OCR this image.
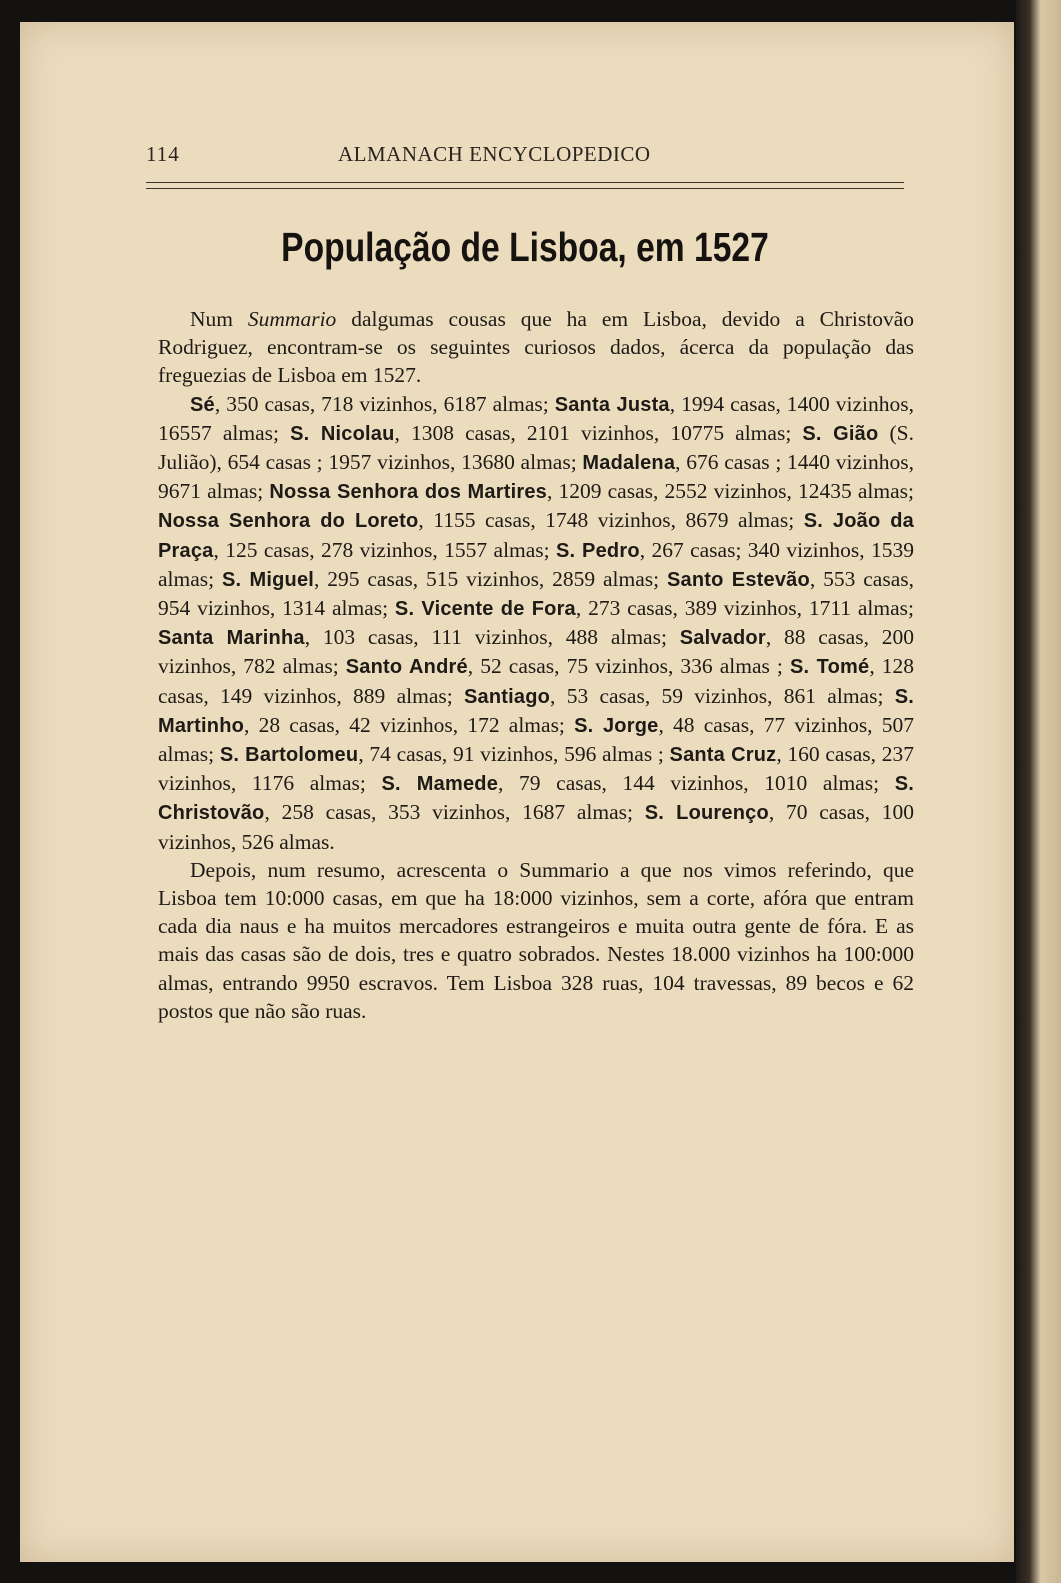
114	ALMANACH ENCYCLOPEDICO
População de Lisboa, em 1527

Num Summario dalgumas cousas que ha em Lisboa, devido a Christovão Rodriguez, encontram-se os seguintes curiosos dados, ácerca da população das freguezias de Lisboa em 1527.

Sé, 350 casas, 718 vizinhos, 6187 almas; Santa Justa, 1994 casas, 1400 vizinhos, 16557 almas; S. Nicolau, 1308 casas, 2101 vizinhos, 10775 almas; S. Gião (S. Julião), 654 casas ; 1957 vizinhos, 13680 almas; Madalena, 676 casas ; 1440 vizinhos, 9671 almas; Nossa Senhora dos Martires, 1209 casas, 2552 vizinhos, 12435 almas; Nossa Senhora do Loreto, 1155 casas, 1748 vizinhos, 8679 almas; S. João da Praça, 125 casas, 278 vizinhos, 1557 almas; S. Pedro, 267 casas; 340 vizinhos, 1539 almas; S. Miguel, 295 casas, 515 vizinhos, 2859 almas; Santo Estevão, 553 casas, 954 vizinhos, 1314 almas; S. Vicente de Fora, 273 casas, 389 vizinhos, 1711 almas; Santa Marinha, 103 casas, 111 vizinhos, 488 almas; Salvador, 88 casas, 200 vizinhos, 782 almas; Santo André, 52 casas, 75 vizinhos, 336 almas ; S. Tomé, 128 casas, 149 vizinhos, 889 almas; Santiago, 53 casas, 59 vizinhos, 861 almas; S. Martinho, 28 casas, 42 vizinhos, 172 almas; S. Jorge, 48 casas, 77 vizinhos, 507 almas; S. Bartolomeu, 74 casas, 91 vizinhos, 596 almas ; Santa Cruz, 160 casas, 237 vizinhos, 1176 almas; S. Mamede, 79 casas, 144 vizinhos, 1010 almas; S. Christovão, 258 casas, 353 vizinhos, 1687 almas; S. Lourenço, 70 casas, 100 vizinhos, 526 almas.

Depois, num resumo, acrescenta o Summario a que nos vimos referindo, que Lisboa tem 10:000 casas, em que ha 18:000 vizinhos, sem a corte, afóra que entram cada dia naus e ha muitos mercadores estrangeiros e muita outra gente de fóra. E as mais das casas são de dois, tres e quatro sobrados. Nestes 18.000 vizinhos ha 100:000 almas, entrando 9950 escravos. Tem Lisboa 328 ruas, 104 travessas, 89 becos e 62 postos que não são ruas.
